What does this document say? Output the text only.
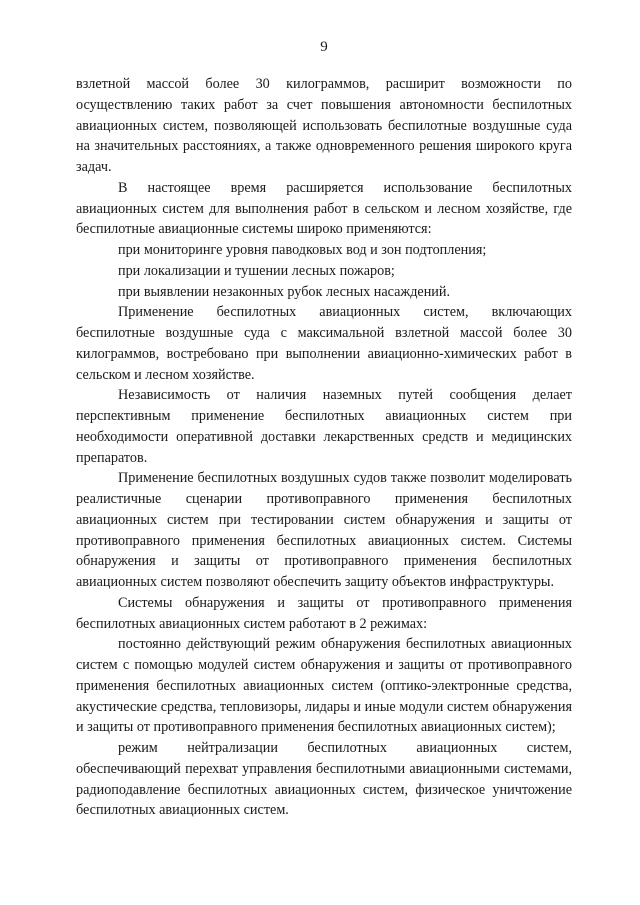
9

взлетной массой более 30 килограммов, расширит возможности по осуществлению таких работ за счет повышения автономности беспилотных авиационных систем, позволяющей использовать беспилотные воздушные суда на значительных расстояниях, а также одновременного решения широкого круга задач.

В настоящее время расширяется использование беспилотных авиационных систем для выполнения работ в сельском и лесном хозяйстве, где беспилотные авиационные системы широко применяются:

при мониторинге уровня паводковых вод и зон подтопления;

при локализации и тушении лесных пожаров;

при выявлении незаконных рубок лесных насаждений.

Применение беспилотных авиационных систем, включающих беспилотные воздушные суда с максимальной взлетной массой более 30 килограммов, востребовано при выполнении авиационно-химических работ в сельском и лесном хозяйстве.

Независимость от наличия наземных путей сообщения делает перспективным применение беспилотных авиационных систем при необходимости оперативной доставки лекарственных средств и медицинских препаратов.

Применение беспилотных воздушных судов также позволит моделировать реалистичные сценарии противоправного применения беспилотных авиационных систем при тестировании систем обнаружения и защиты от противоправного применения беспилотных авиационных систем. Системы обнаружения и защиты от противоправного применения беспилотных авиационных систем позволяют обеспечить защиту объектов инфраструктуры.

Системы обнаружения и защиты от противоправного применения беспилотных авиационных систем работают в 2 режимах:

постоянно действующий режим обнаружения беспилотных авиационных систем с помощью модулей систем обнаружения и защиты от противоправного применения беспилотных авиационных систем (оптико-электронные средства, акустические средства, тепловизоры, лидары и иные модули систем обнаружения и защиты от противоправного применения беспилотных авиационных систем);

режим нейтрализации беспилотных авиационных систем, обеспечивающий перехват управления беспилотными авиационными системами, радиоподавление беспилотных авиационных систем, физическое уничтожение беспилотных авиационных систем.
